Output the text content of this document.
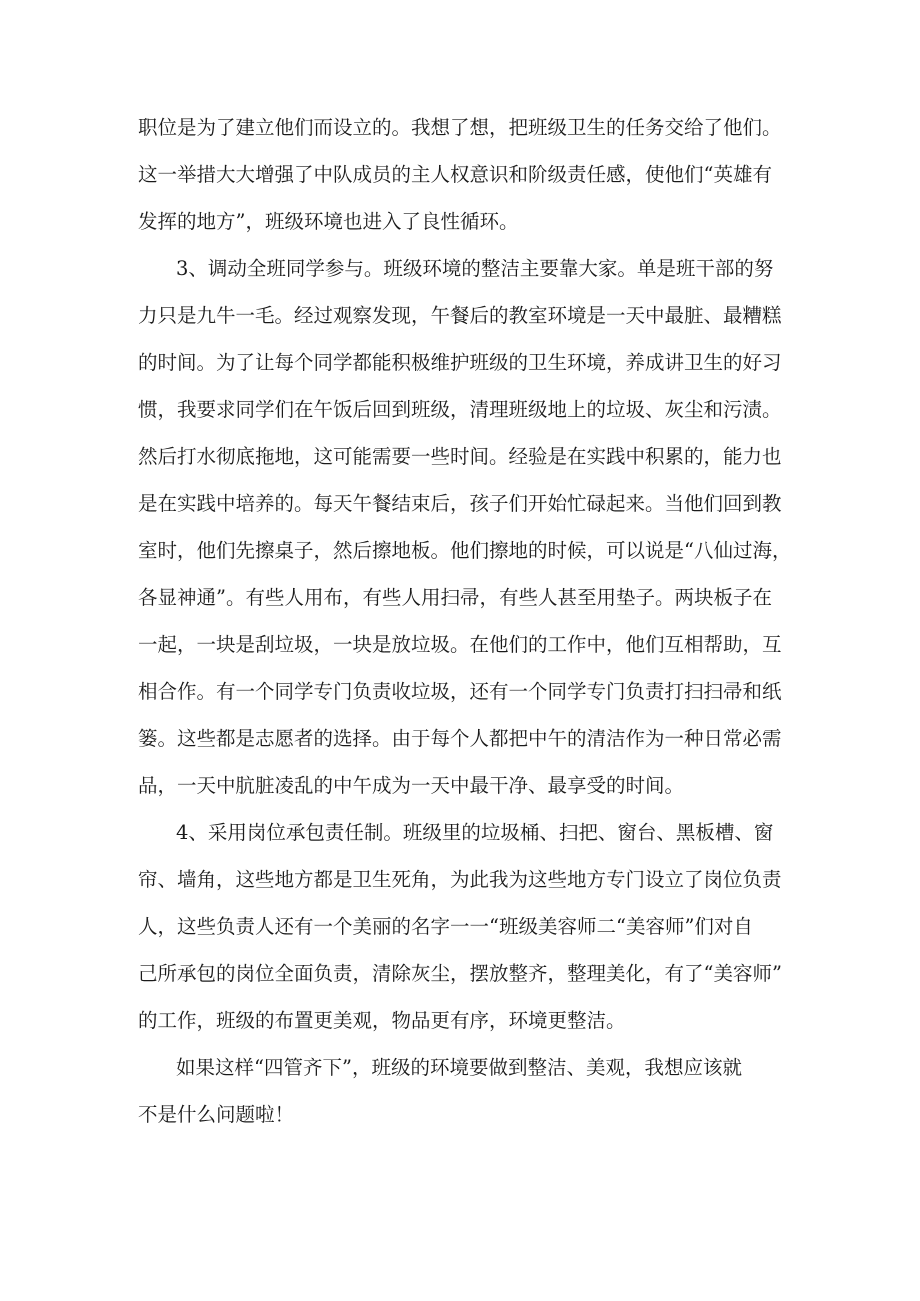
职位是为了建立他们而设立的。我想了想，把班级卫生的任务交给了他们。
这一举措大大增强了中队成员的主人权意识和阶级责任感，使他们“英雄有
发挥的地方”，班级环境也进入了良性循环。
3、调动全班同学参与。班级环境的整洁主要靠大家。单是班干部的努
力只是九牛一毛。经过观察发现，午餐后的教室环境是一天中最脏、最糟糕
的时间。为了让每个同学都能积极维护班级的卫生环境，养成讲卫生的好习
惯，我要求同学们在午饭后回到班级，清理班级地上的垃圾、灰尘和污渍。
然后打水彻底拖地，这可能需要一些时间。经验是在实践中积累的，能力也
是在实践中培养的。每天午餐结束后，孩子们开始忙碌起来。当他们回到教
室时，他们先擦桌子，然后擦地板。他们擦地的时候，可以说是“八仙过海，
各显神通”。有些人用布，有些人用扫帚，有些人甚至用垫子。两块板子在
一起，一块是刮垃圾，一块是放垃圾。在他们的工作中，他们互相帮助，互
相合作。有一个同学专门负责收垃圾，还有一个同学专门负责打扫扫帚和纸
篓。这些都是志愿者的选择。由于每个人都把中午的清洁作为一种日常必需
品，一天中肮脏凌乱的中午成为一天中最干净、最享受的时间。
4、采用岗位承包责任制。班级里的垃圾桶、扫把、窗台、黑板槽、窗
帘、墙角，这些地方都是卫生死角，为此我为这些地方专门设立了岗位负责
人，这些负责人还有一个美丽的名字一一“班级美容师二“美容师”们对自
己所承包的岗位全面负责，清除灰尘，摆放整齐，整理美化，有了“美容师”
的工作，班级的布置更美观，物品更有序，环境更整洁。
如果这样“四管齐下”，班级的环境要做到整洁、美观，我想应该就
不是什么问题啦！
